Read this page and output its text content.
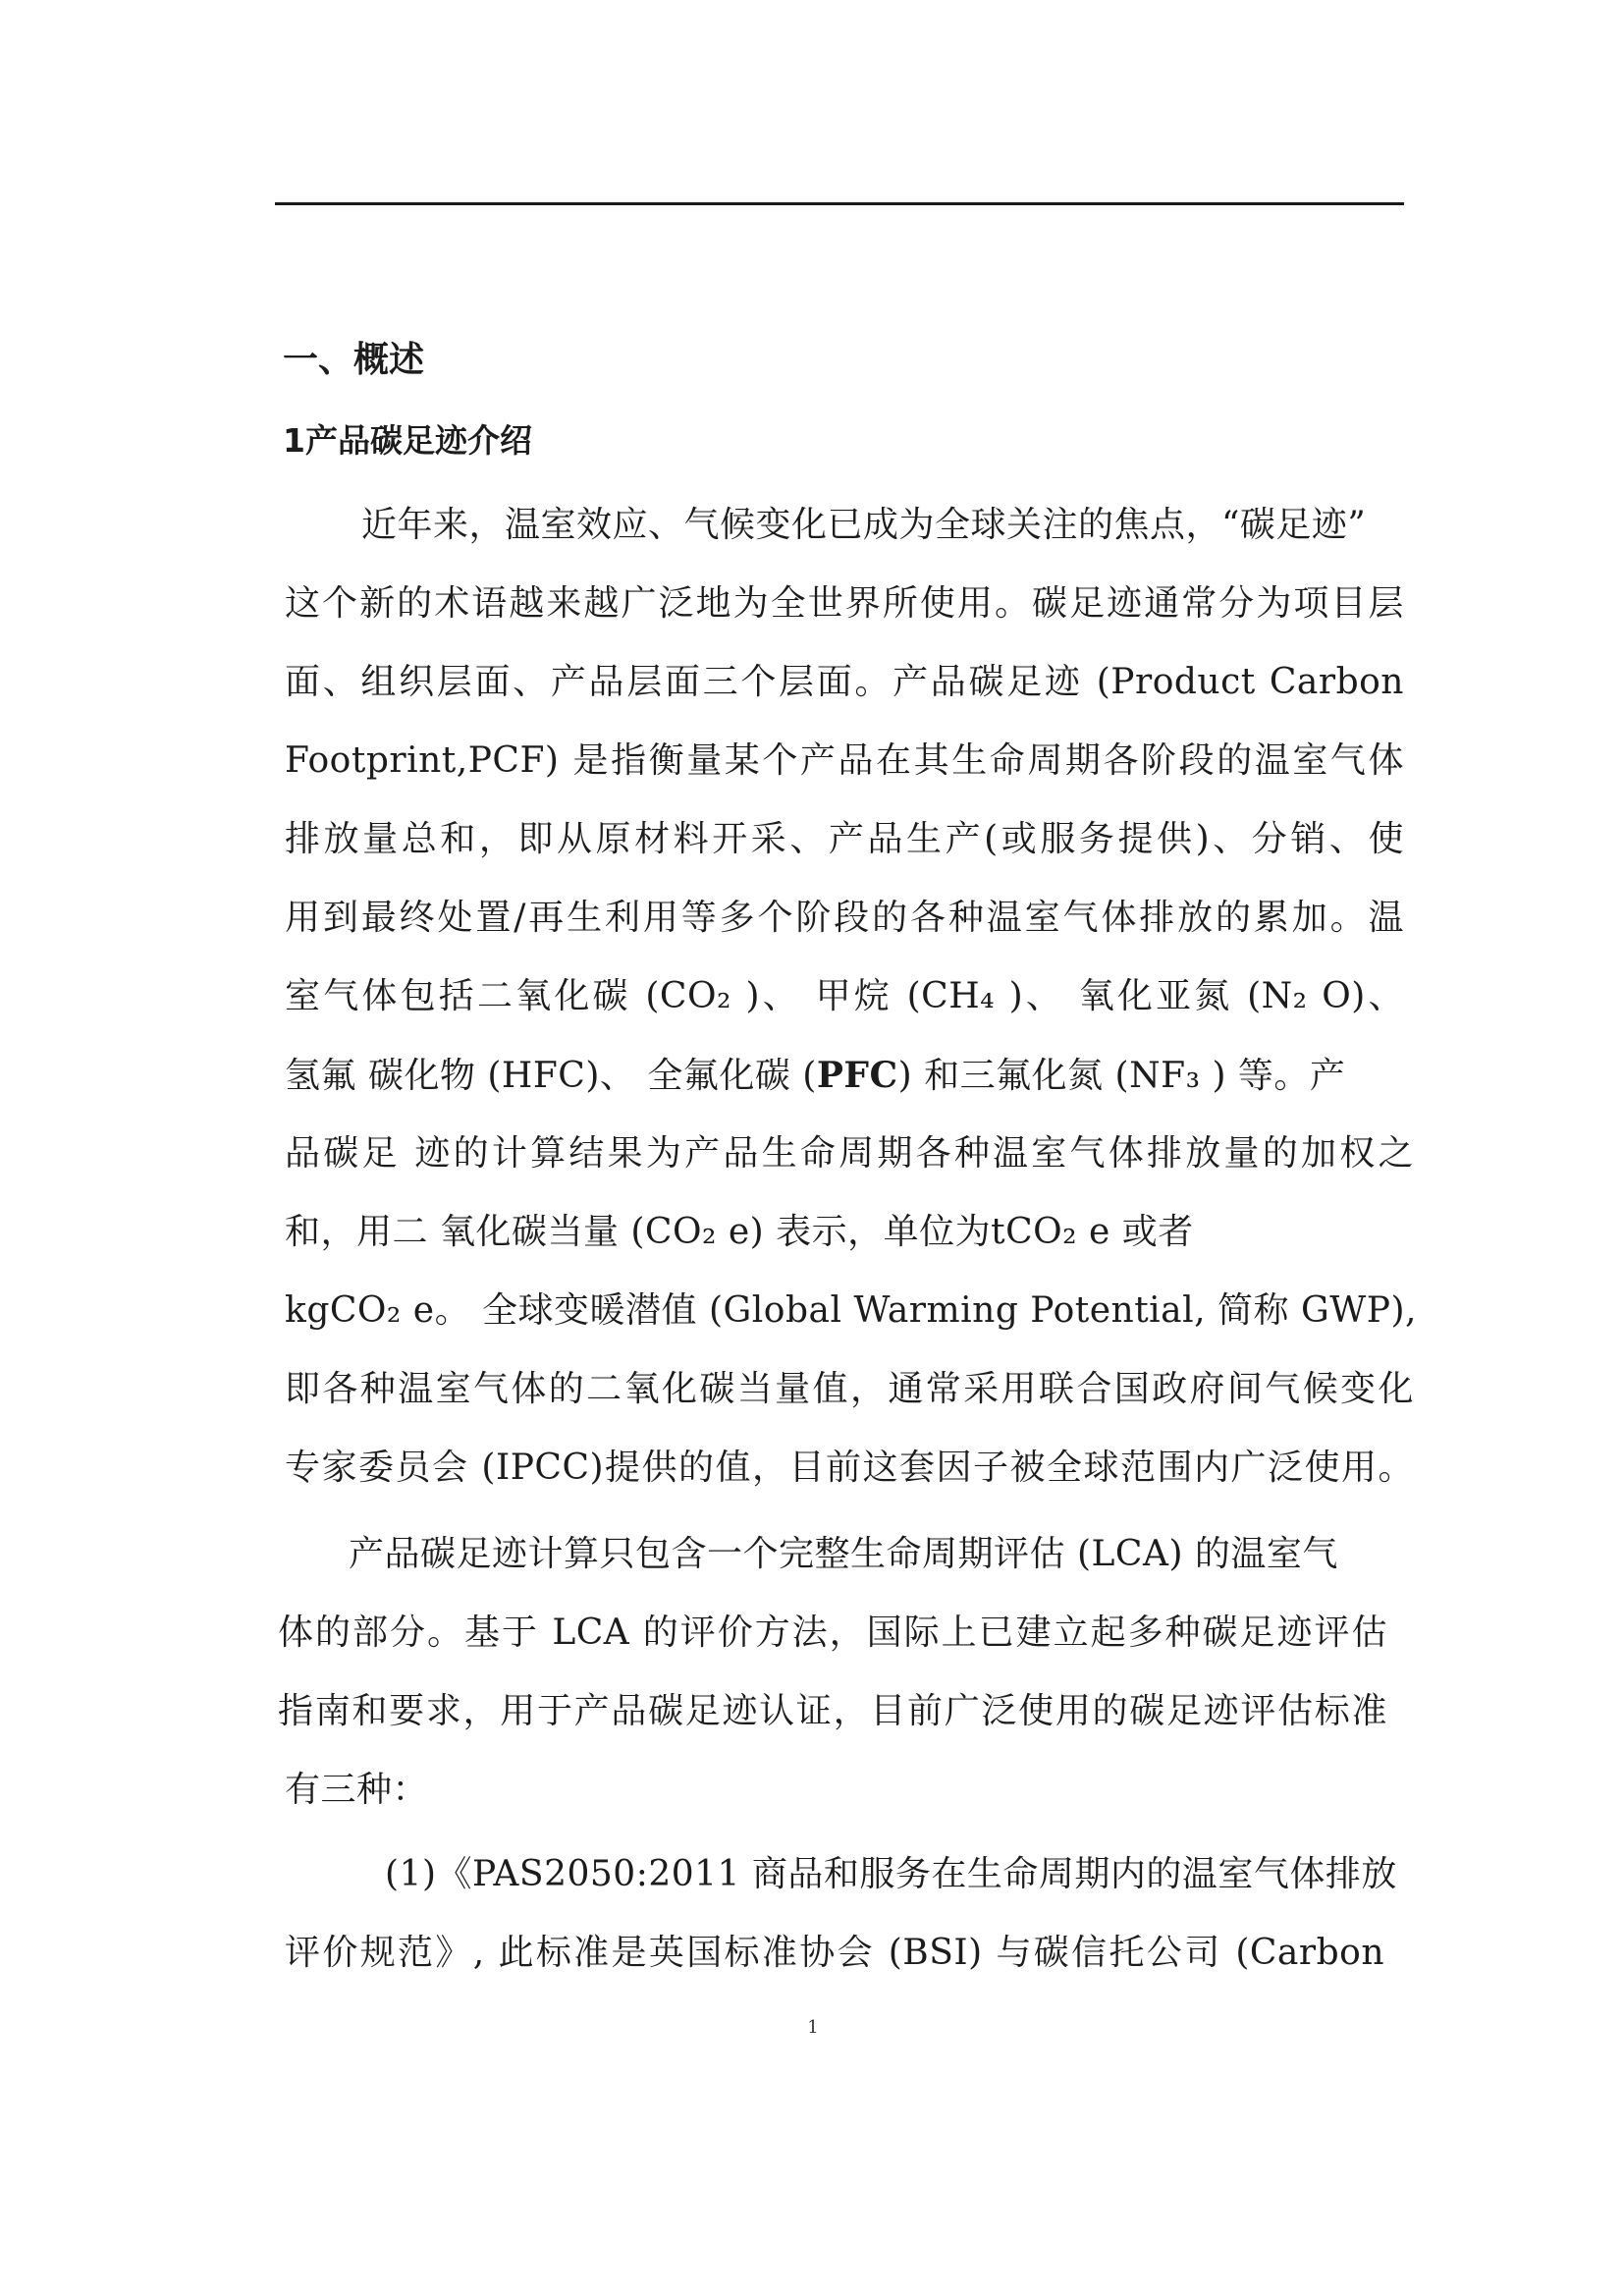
一、概述
1产品碳足迹介绍

近年来，温室效应、气候变化已成为全球关注的焦点，“碳足迹”

这个新的术语越来越广泛地为全世界所使用。碳足迹通常分为项目层

面、组织层面、产品层面三个层面。产品碳足迹 (Product Carbon

Footprint,PCF) 是指衡量某个产品在其生命周期各阶段的温室气体

排放量总和，即从原材料开采、产品生产(或服务提供)、分销、使

用到最终处置/再生利用等多个阶段的各种温室气体排放的累加。温

室气体包括二氧化碳 (CO₂ )、 甲烷 (CH₄ )、 氧化亚氮 (N₂ O)、

氢氟 碳化物 (HFC)、 全氟化碳 (PFC) 和三氟化氮 (NF₃ ) 等。产

品碳足 迹的计算结果为产品生命周期各种温室气体排放量的加权之

和，用二 氧化碳当量 (CO₂ e) 表示，单位为tCO₂ e 或者

kgCO₂ e。 全球变暖潜值 (Global Warming Potential, 简称 GWP),

即各种温室气体的二氧化碳当量值，通常采用联合国政府间气候变化

专家委员会 (IPCC)提供的值，目前这套因子被全球范围内广泛使用。

产品碳足迹计算只包含一个完整生命周期评估 (LCA) 的温室气

体的部分。基于 LCA 的评价方法，国际上已建立起多种碳足迹评估

指南和要求，用于产品碳足迹认证，目前广泛使用的碳足迹评估标准

有三种：

(1)《PAS2050:2011 商品和服务在生命周期内的温室气体排放

评价规范》, 此标准是英国标准协会 (BSI) 与碳信托公司 (Carbon

1
